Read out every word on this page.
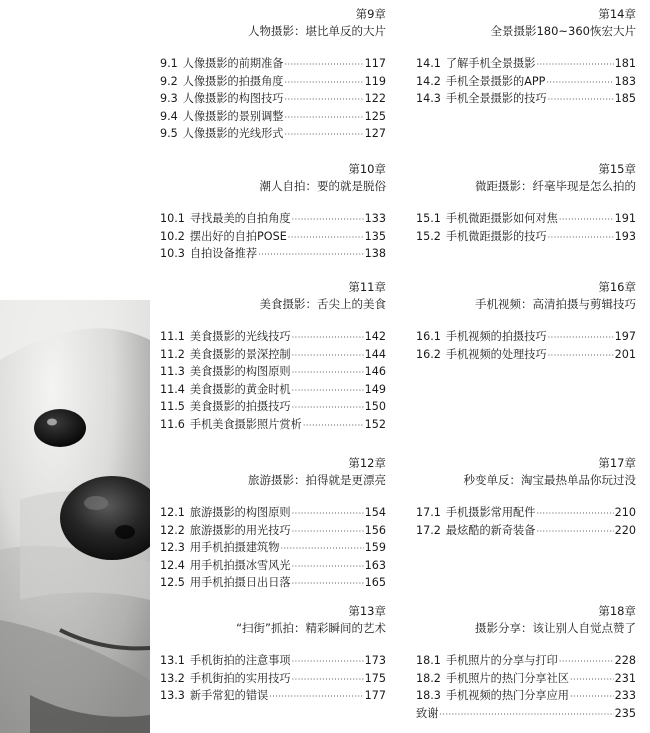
第9章
人物摄影：堪比单反的大片
9.1 人像摄影的前期准备 ·····	117
9.2 人像摄影的拍摄角度 ·····	119
9.3 人像摄影的构图技巧 ·····	122
9.4 人像摄影的景别调整 ·····	125
9.5 人像摄影的光线形式 ·····	127
第10章
潮人自拍：要的就是脱俗
10.1 寻找最美的自拍角度 ·····	133
10.2 摆出好的自拍POSE ·····	135
10.3 自拍设备推荐 ·····	138
第11章
美食摄影：舌尖上的美食
11.1 美食摄影的光线技巧 ·····	142
11.2 美食摄影的景深控制 ·····	144
11.3 美食摄影的构图原则 ·····	146
11.4 美食摄影的黄金时机 ·····	149
11.5 美食摄影的拍摄技巧 ·····	150
11.6 手机美食摄影照片赏析 ·····	152
第12章
旅游摄影：拍得就是更漂亮
12.1 旅游摄影的构图原则 ·····	154
12.2 旅游摄影的用光技巧 ·····	156
12.3 用手机拍摄建筑物 ·····	159
12.4 用手机拍摄冰雪风光 ·····	163
12.5 用手机拍摄日出日落 ·····	165
第13章
“扫街”抓拍：精彩瞬间的艺术
13.1 手机街拍的注意事项 ·····	173
13.2 手机街拍的实用技巧 ·····	175
13.3 新手常犯的错误 ·····	177
第14章
全景摄影180~360恢宏大片
14.1 了解手机全景摄影 ·····	181
14.2 手机全景摄影的APP ·····	183
14.3 手机全景摄影的技巧 ·····	185
第15章
微距摄影：纤毫毕现是怎么拍的
15.1 手机微距摄影如何对焦 ·····	191
15.2 手机微距摄影的技巧 ·····	193
第16章
手机视频：高清拍摄与剪辑技巧
16.1 手机视频的拍摄技巧 ·····	197
16.2 手机视频的处理技巧 ·····	201
第17章
秒变单反：淘宝最热单品你玩过没
17.1 手机摄影常用配件 ·····	210
17.2 最炫酷的新奇装备 ·····	220
第18章
摄影分享：该让别人自觉点赞了
18.1 手机照片的分享与打印 ·····	228
18.2 手机照片的热门分享社区 ·····	231
18.3 手机视频的热门分享应用 ·····	233
致谢 ·····	235
